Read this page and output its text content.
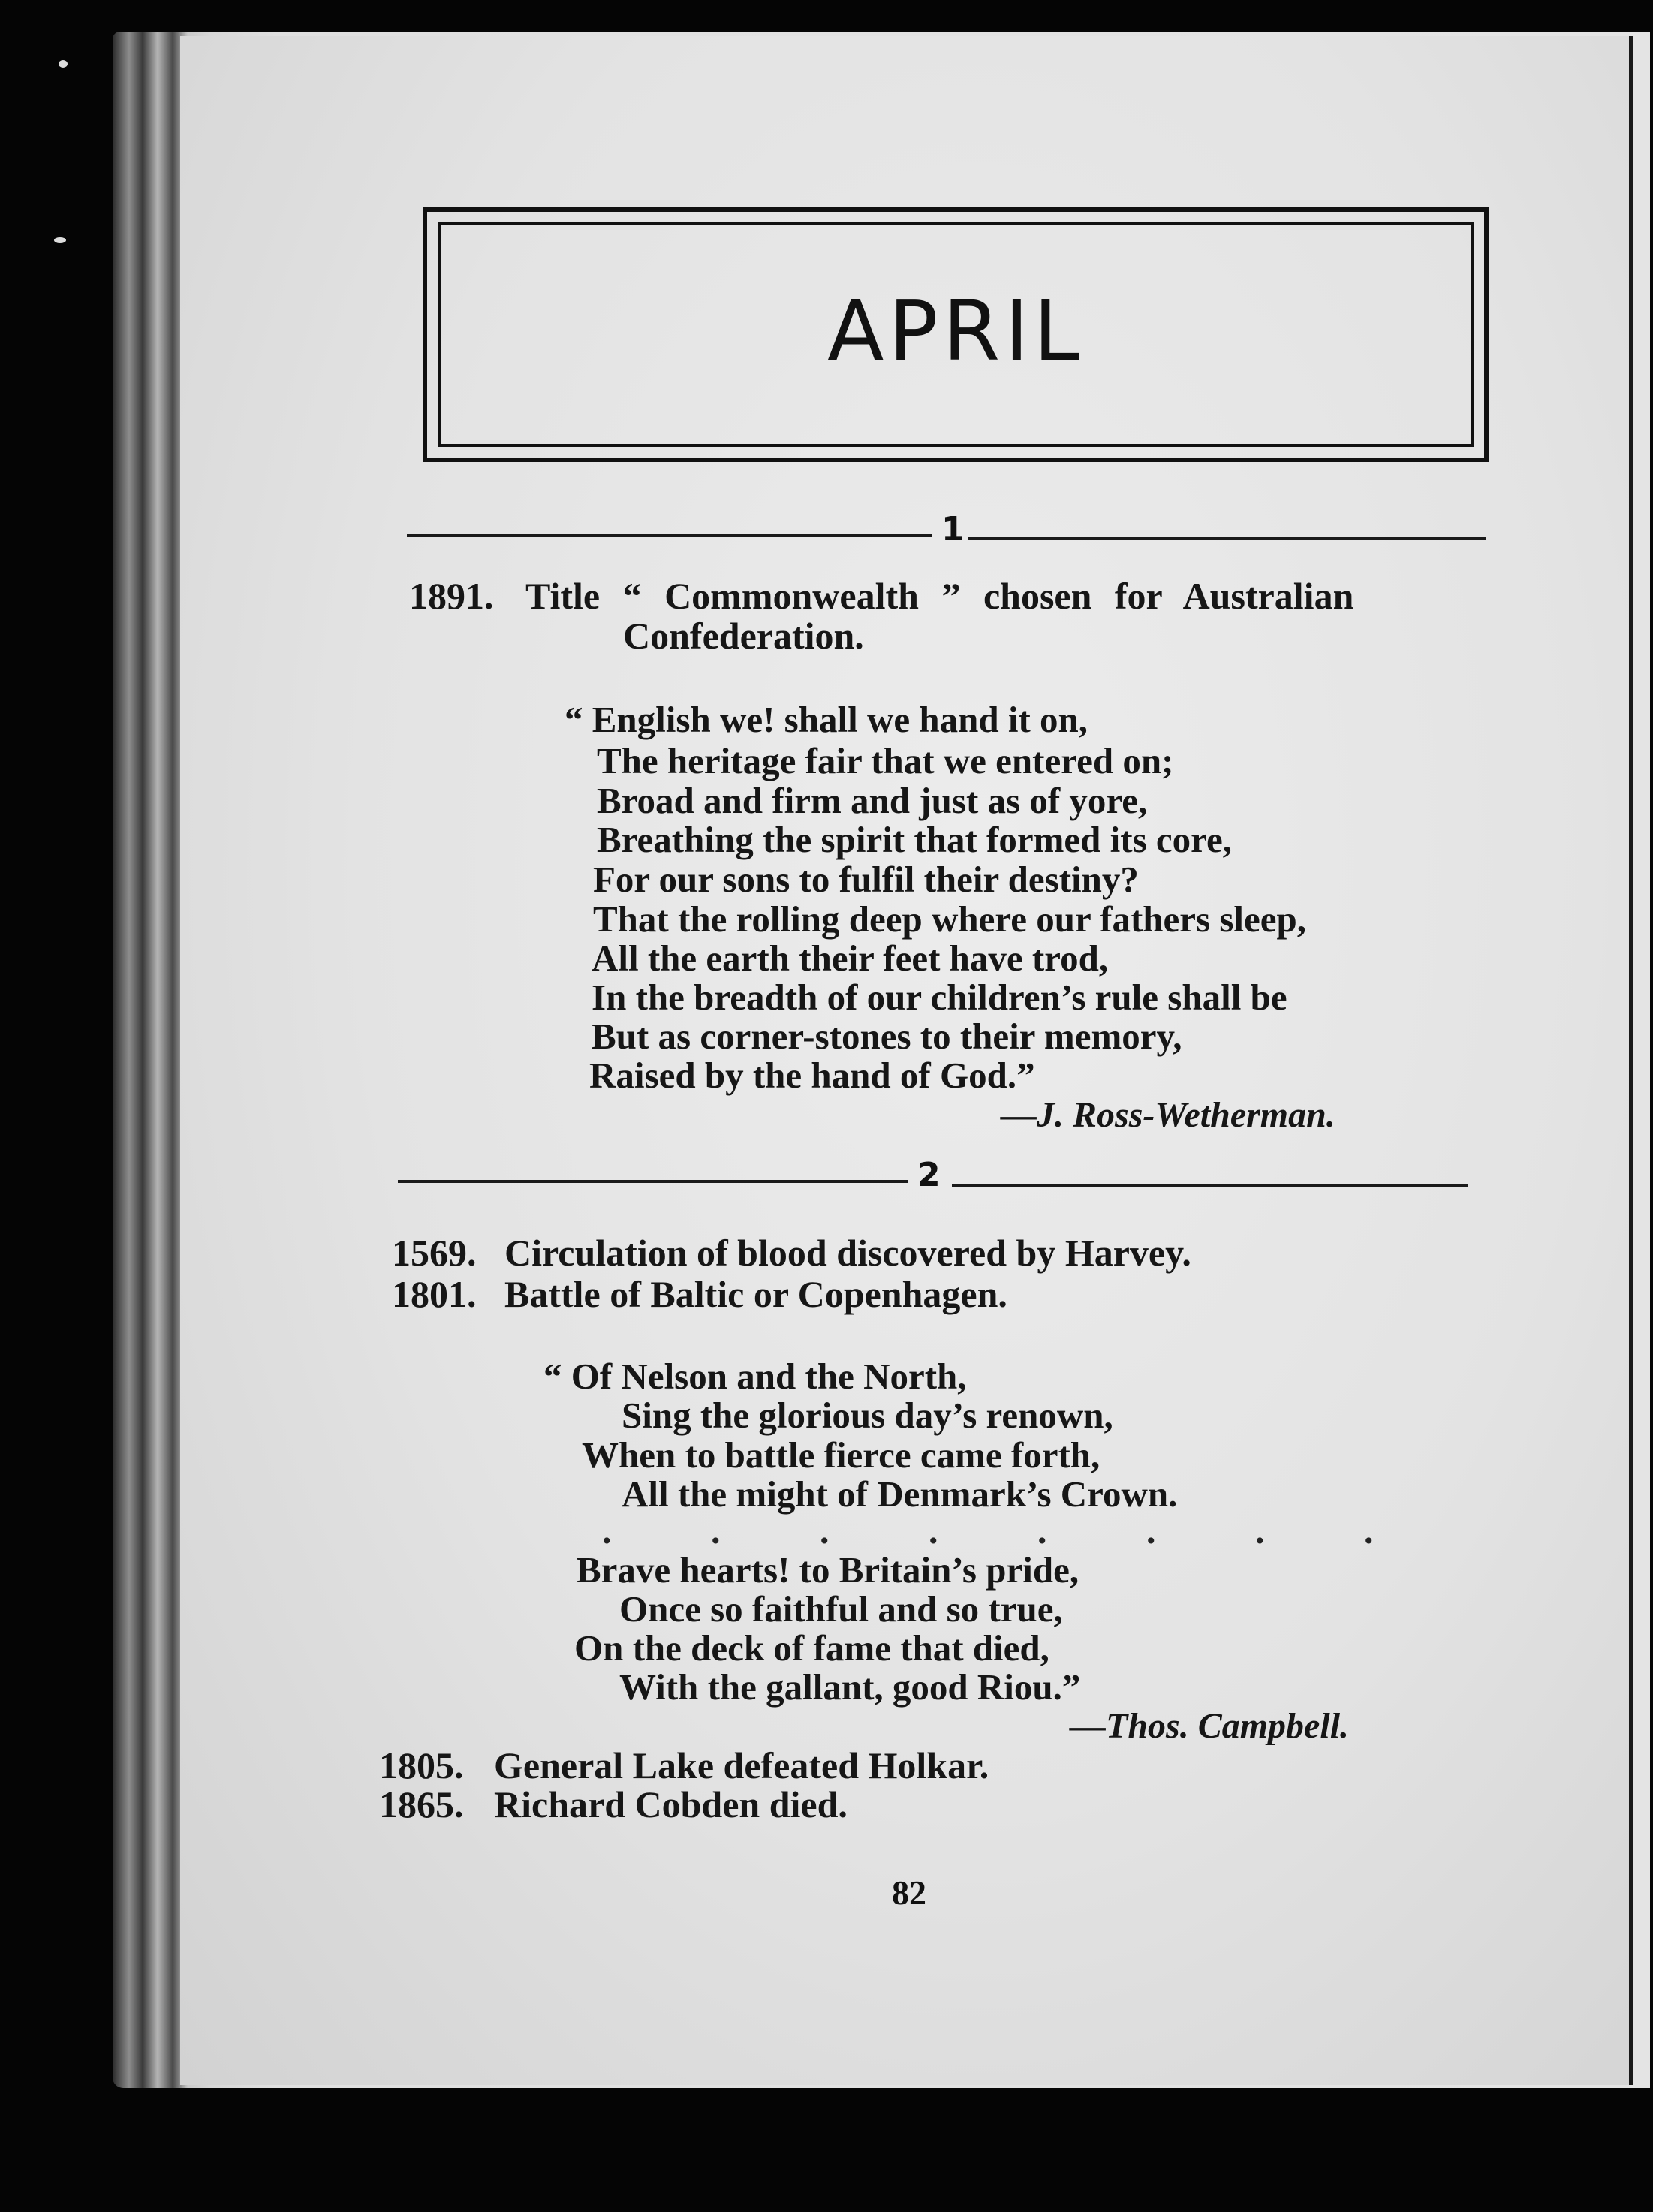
APRIL
1
1891. Title “ Commonwealth ” chosen for Australian
Confederation.
“ English we! shall we hand it on,
The heritage fair that we entered on;
Broad and firm and just as of yore,
Breathing the spirit that formed its core,
For our sons to fulfil their destiny?
That the rolling deep where our fathers sleep,
All the earth their feet have trod,
In the breadth of our children’s rule shall be
But as corner-stones to their memory,
Raised by the hand of God.”
—J. Ross-Wetherman.
2
1569. Circulation of blood discovered by Harvey.
1801. Battle of Baltic or Copenhagen.
“ Of Nelson and the North,
Sing the glorious day’s renown,
When to battle fierce came forth,
All the might of Denmark’s Crown.
. . . . . . . .
Brave hearts! to Britain’s pride,
Once so faithful and so true,
On the deck of fame that died,
With the gallant, good Riou.”
—Thos. Campbell.
1805. General Lake defeated Holkar.
1865. Richard Cobden died.
82
